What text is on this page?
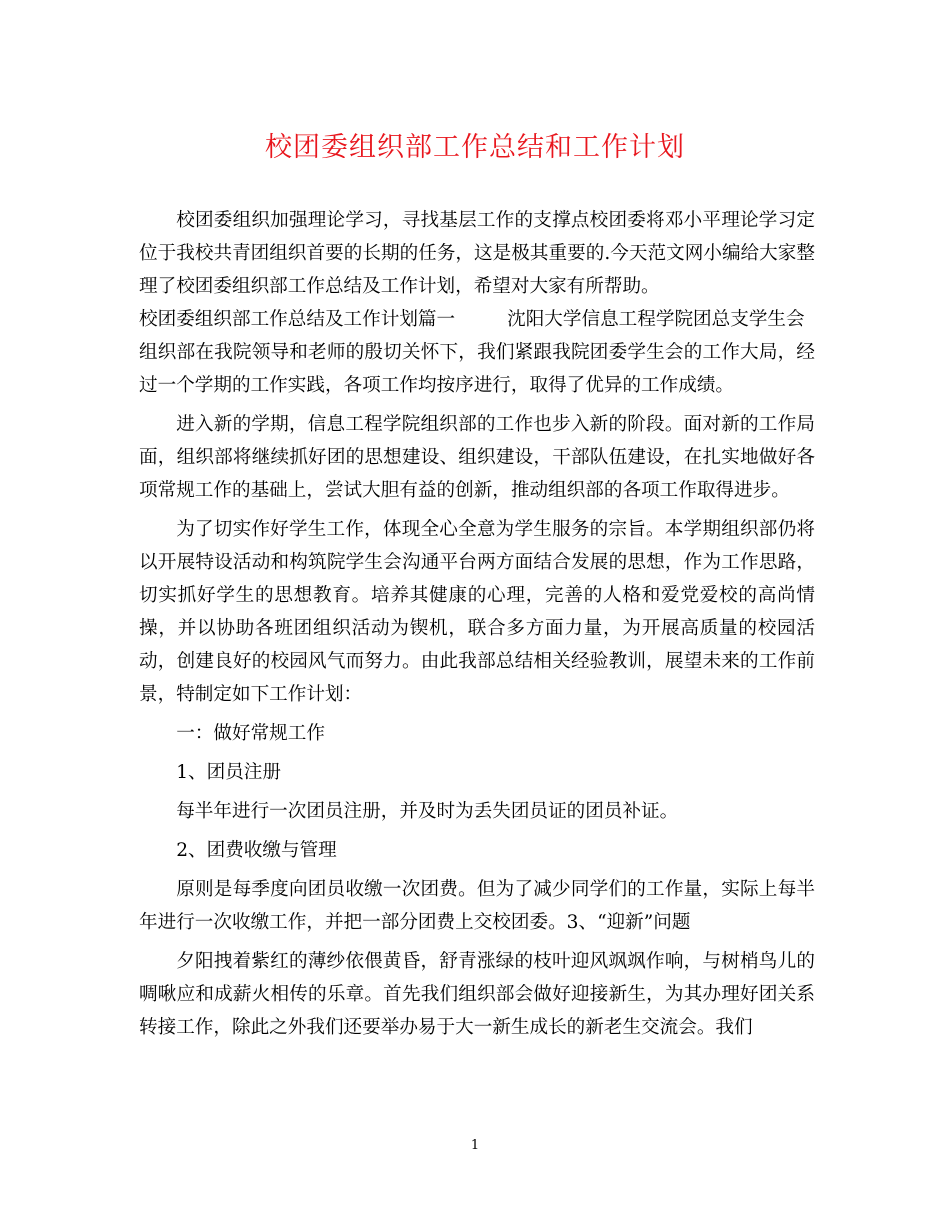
校团委组织部工作总结和工作计划

校团委组织加强理论学习，寻找基层工作的支撑点校团委将邓小平理论学习定位于我校共青团组织首要的长期的任务，这是极其重要的.今天范文网小编给大家整理了校团委组织部工作总结及工作计划，希望对大家有所帮助。

校团委组织部工作总结及工作计划篇一	沈阳大学信息工程学院团总支学生会

组织部在我院领导和老师的殷切关怀下，我们紧跟我院团委学生会的工作大局，经过一个学期的工作实践，各项工作均按序进行，取得了优异的工作成绩。

进入新的学期，信息工程学院组织部的工作也步入新的阶段。面对新的工作局面，组织部将继续抓好团的思想建设、组织建设，干部队伍建设，在扎实地做好各项常规工作的基础上，尝试大胆有益的创新，推动组织部的各项工作取得进步。

为了切实作好学生工作，体现全心全意为学生服务的宗旨。本学期组织部仍将以开展特设活动和构筑院学生会沟通平台两方面结合发展的思想，作为工作思路，切实抓好学生的思想教育。培养其健康的心理，完善的人格和爱党爱校的高尚情操，并以协助各班团组织活动为锲机，联合多方面力量，为开展高质量的校园活动，创建良好的校园风气而努力。由此我部总结相关经验教训，展望未来的工作前景，特制定如下工作计划：

一：做好常规工作

1、团员注册

每半年进行一次团员注册，并及时为丢失团员证的团员补证。

2、团费收缴与管理

原则是每季度向团员收缴一次团费。但为了减少同学们的工作量，实际上每半年进行一次收缴工作，并把一部分团费上交校团委。3、“迎新”问题

夕阳拽着紫红的薄纱依偎黄昏，舒青涨绿的枝叶迎风飒飒作响，与树梢鸟儿的啁啾应和成薪火相传的乐章。首先我们组织部会做好迎接新生，为其办理好团关系转接工作，除此之外我们还要举办易于大一新生成长的新老生交流会。我们

1
